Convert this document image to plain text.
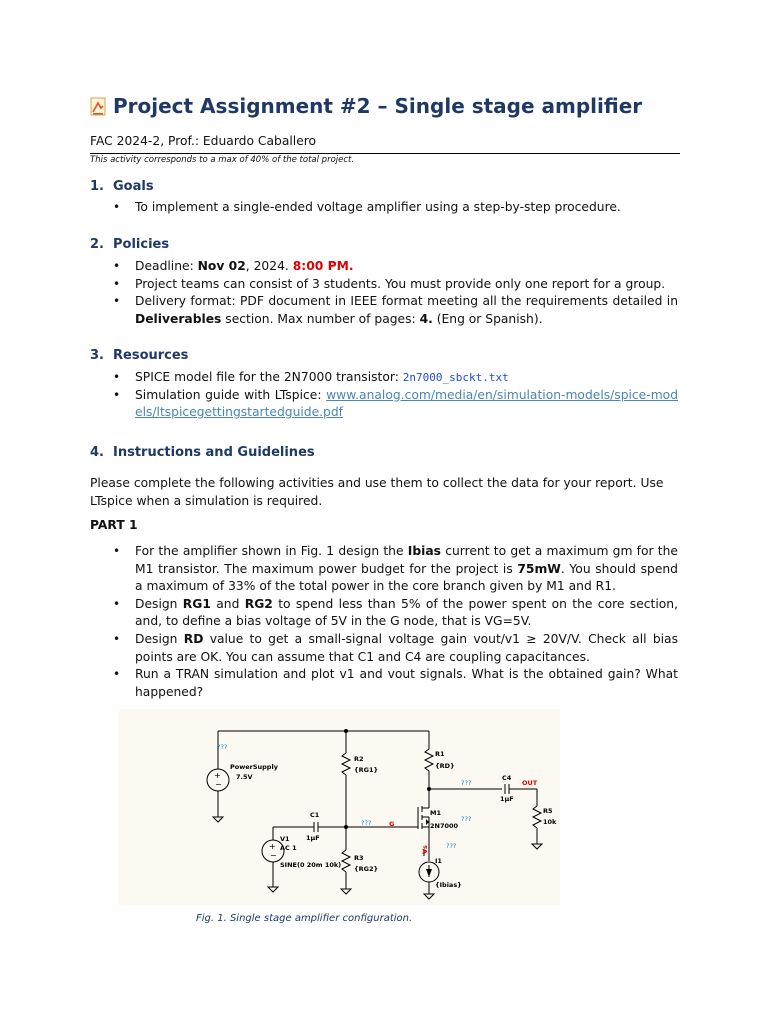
Project Assignment #2 – Single stage amplifier
FAC 2024-2, Prof.: Eduardo Caballero
This activity corresponds to a max of 40% of the total project.
1. Goals
• To implement a single-ended voltage amplifier using a step-by-step procedure.
2. Policies
• Deadline: Nov 02, 2024. 8:00 PM.
• Project teams can consist of 3 students. You must provide only one report for a group.
• Delivery format: PDF document in IEEE format meeting all the requirements detailed in Deliverables section. Max number of pages: 4. (Eng or Spanish).
3. Resources
• SPICE model file for the 2N7000 transistor: 2n7000_sbckt.txt
• Simulation guide with LTspice: www.analog.com/media/en/simulation-models/spice-models/ltspicegettingstartedguide.pdf
4. Instructions and Guidelines
Please complete the following activities and use them to collect the data for your report. Use LTspice when a simulation is required.
PART 1
• For the amplifier shown in Fig. 1 design the Ibias current to get a maximum gm for the M1 transistor. The maximum power budget for the project is 75mW. You should spend a maximum of 33% of the total power in the core branch given by M1 and R1.
• Design RG1 and RG2 to spend less than 5% of the power spent on the core section, and, to define a bias voltage of 5V in the G node, that is VG=5V.
• Design RD value to get a small-signal voltage gain vout/v1 ≥ 20V/V. Check all bias points are OK. You can assume that C1 and C4 are coupling capacitances.
• Run a TRAN simulation and plot v1 and vout signals. What is the obtained gain? What happened?
+
−
+
−
PowerSupply
7.5V
???
R2
{RG1}
R1
{RD}
???
C4
1µF
OUT
R5
10k
C1
1µF
V1
AC 1
SINE(0 20m 10k)
???	G
M1
2N7000
???
???
R3
{RG2}
I1
{Ibias}
Vs
Fig. 1. Single stage amplifier configuration.
